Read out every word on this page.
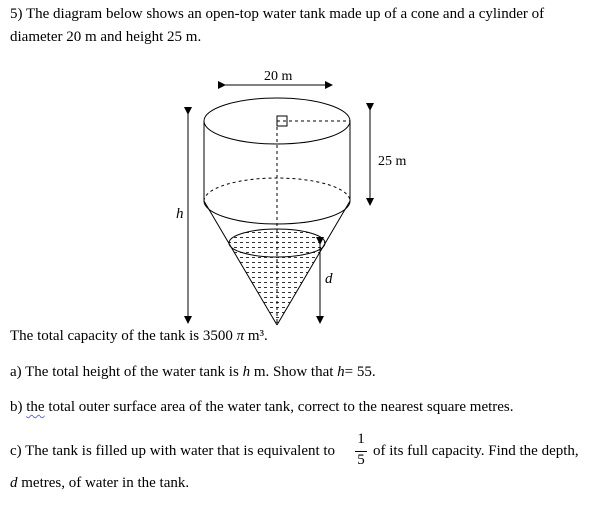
5) The diagram below shows an open-top water tank made up of a cone and a cylinder of
diameter 20 m and height 25 m.
20 m
h
25 m
d
The total capacity of the tank is 3500 π m³.
a) The total height of the water tank is h m. Show that h= 55.
b) the total outer surface area of the water tank, correct to the nearest square metres.
c) The tank is filled up with water that is equivalent to
1
5
of its full capacity. Find the depth,
d metres, of water in the tank.
